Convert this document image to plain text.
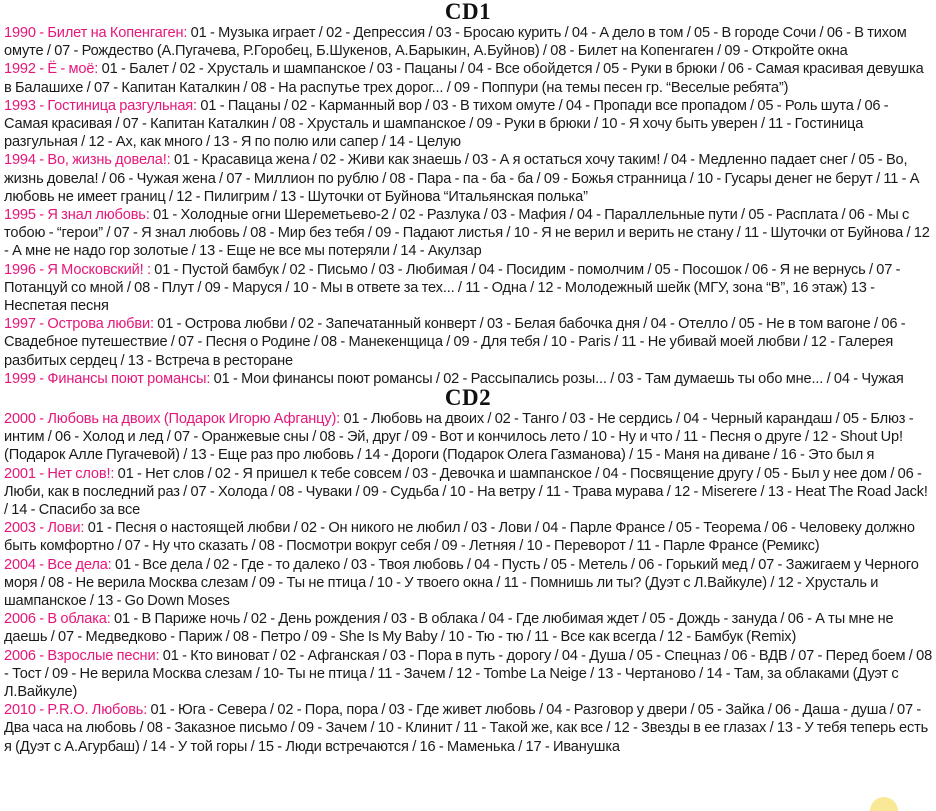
CD1

1990 - Билет на Копенгаген: 01 - Музыка играет / 02 - Депрессия / 03 - Бросаю курить / 04 - А дело в том / 05 - В городе Сочи / 06 - В тихом омуте / 07 - Рождество (А.Пугачева, Р.Горобец, Б.Шукенов, А.Барыкин, А.Буйнов) / 08 - Билет на Копенгаген / 09 - Откройте окна

1992 - Ё - моё: 01 - Балет / 02 - Хрусталь и шампанское / 03 - Пацаны / 04 - Все обойдется / 05 - Руки в брюки / 06 - Самая красивая девушка в Балашихе / 07 - Капитан Каталкин / 08 - На распутье трех дорог... / 09 - Поппури (на темы песен гр. “Веселые ребята”)

1993 - Гостиница разгульная: 01 - Пацаны / 02 - Карманный вор / 03 - В тихом омуте / 04 - Пропади все пропадом / 05 - Роль шута / 06 - Самая красивая / 07 - Капитан Каталкин / 08 - Хрусталь и шампанское / 09 - Руки в брюки / 10 - Я хочу быть уверен / 11 - Гостиница разгульная / 12 - Ах, как много / 13 - Я по полю или сапер / 14 - Целую

1994 - Во, жизнь довела!: 01 - Красавица жена / 02 - Живи как знаешь / 03 - А я остаться хочу таким! / 04 - Медленно падает снег / 05 - Во, жизнь довела! / 06 - Чужая жена / 07 - Миллион по рублю / 08 - Пара - па - ба - ба / 09 - Божья странница / 10 - Гусары денег не берут / 11 - А любовь не имеет границ / 12 - Пилигрим / 13 - Шуточки от Буйнова “Итальянская полька”

1995 - Я знал любовь: 01 - Холодные огни Шереметьево-2 / 02 - Разлука / 03 - Мафия / 04 - Параллельные пути / 05 - Расплата / 06 - Мы с тобою - “герои” / 07 - Я знал любовь / 08 - Мир без тебя / 09 - Падают листья / 10 - Я не верил и верить не стану / 11 - Шуточки от Буйнова / 12 - А мне не надо гор золотые / 13 - Еще не все мы потеряли / 14 - Акулзар

1996 - Я Московский! : 01 - Пустой бамбук / 02 - Письмо / 03 - Любимая / 04 - Посидим - помолчим / 05 - Посошок / 06 - Я не вернусь / 07 - Потанцуй со мной / 08 - Плут / 09 - Маруся / 10 - Мы в ответе за тех... / 11 - Одна / 12 - Молодежный шейк (МГУ, зона “В”, 16 этаж) 13 - Неспетая песня

1997 - Острова любви: 01 - Острова любви / 02 - Запечатанный конверт / 03 - Белая бабочка дня / 04 - Отелло / 05 - Не в том вагоне / 06 - Свадебное путешествие / 07 - Песня о Родине / 08 - Манекенщица / 09 - Для тебя / 10 - Paris / 11 - Не убивай моей любви / 12 - Галерея разбитых сердец / 13 - Встреча в ресторане

1999 - Финансы поют романсы: 01 - Мои финансы поют романсы / 02 - Рассыпались розы... / 03 - Там думаешь ты обо мне... / 04 - Чужая

CD2

2000 - Любовь на двоих (Подарок Игорю Афганцу): 01 - Любовь на двоих / 02 - Танго / 03 - Не сердись / 04 - Черный карандаш / 05 - Блюз - интим / 06 - Холод и лед / 07 - Оранжевые сны / 08 - Эй, друг / 09 - Вот и кончилось лето / 10 - Ну и что / 11 - Песня о друге / 12 - Shout Up! (Подарок Алле Пугачевой) / 13 - Еще раз про любовь / 14 - Дороги (Подарок Олега Газманова) / 15 - Маня на диване / 16 - Это был я

2001 - Нет слов!: 01 - Нет слов / 02 - Я пришел к тебе совсем / 03 - Девочка и шампанское / 04 - Посвящение другу / 05 - Был у нее дом / 06 - Люби, как в последний раз / 07 - Холода / 08 - Чуваки / 09 - Судьба / 10 - На ветру / 11 - Трава мурава / 12 - Miserere / 13 - Heat The Road Jack! / 14 - Спасибо за все

2003 - Лови: 01 - Песня о настоящей любви / 02 - Он никого не любил / 03 - Лови / 04 - Парле Франсе / 05 - Теорема / 06 - Человеку должно быть комфортно / 07 - Ну что сказать / 08 - Посмотри вокруг себя / 09 - Летняя / 10 - Переворот / 11 - Парле Франсе (Ремикс)

2004 - Все дела: 01 - Все дела / 02 - Где - то далеко / 03 - Твоя любовь / 04 - Пусть / 05 - Метель / 06 - Горький мед / 07 - Зажигаем у Черного моря / 08 - Не верила Москва слезам / 09 - Ты не птица / 10 - У твоего окна / 11 - Помнишь ли ты? (Дуэт с Л.Вайкуле) / 12 - Хрусталь и шампанское / 13 - Go Down Moses

2006 - В облака: 01 - В Париже ночь / 02 - День рождения / 03 - В облака / 04 - Где любимая ждет / 05 - Дождь - зануда / 06 - А ты мне не даешь / 07 - Медведково - Париж / 08 - Петро / 09 - She Is My Baby / 10 - Тю - тю / 11 - Все как всегда / 12 - Бамбук (Remix)

2006 - Взрослые песни: 01 - Кто виноват / 02 - Афганская / 03 - Пора в путь - дорогу / 04 - Душа / 05 - Спецназ / 06 - ВДВ / 07 - Перед боем / 08 - Тост / 09 - Не верила Москва слезам / 10- Ты не птица / 11 - Зачем / 12 - Tombe La Neige / 13 - Чертаново / 14 - Там, за облаками (Дуэт с Л.Вайкуле)

2010 - P.R.O. Любовь: 01 - Юга - Севера / 02 - Пора, пора / 03 - Где живет любовь / 04 - Разговор у двери / 05 - Зайка / 06 - Даша - душа / 07 - Два часа на любовь / 08 - Заказное письмо / 09 - Зачем / 10 - Клинит / 11 - Такой же, как все / 12 - Звезды в ее глазах / 13 - У тебя теперь есть я (Дуэт с А.Агурбаш) / 14 - У той горы / 15 - Люди встречаются / 16 - Маменька / 17 - Иванушка
